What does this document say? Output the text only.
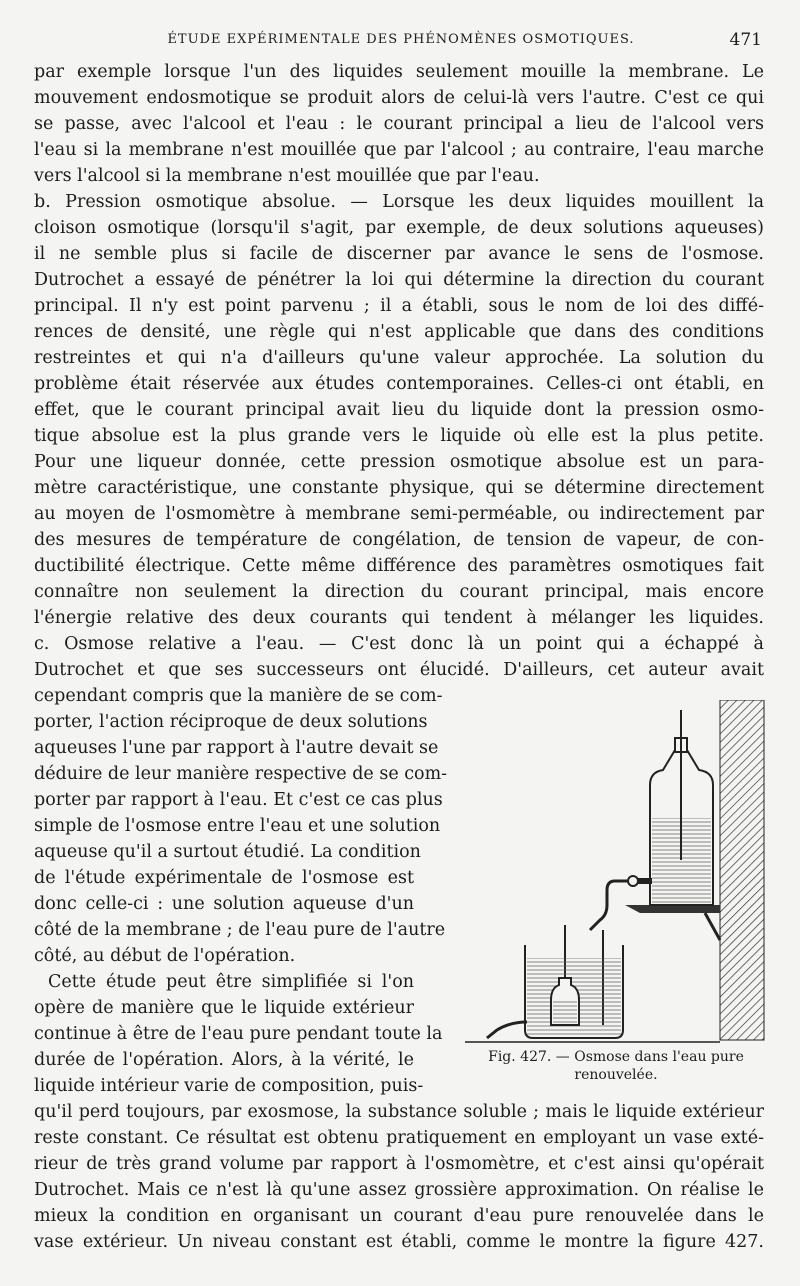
ÉTUDE EXPÉRIMENTALE DES PHÉNOMÈNES OSMOTIQUES.	471
par exemple lorsque l'un des liquides seulement mouille la membrane. Le
mouvement endosmotique se produit alors de celui-là vers l'autre. C'est ce qui
se passe, avec l'alcool et l'eau : le courant principal a lieu de l'alcool vers
l'eau si la membrane n'est mouillée que par l'alcool ; au contraire, l'eau marche
vers l'alcool si la membrane n'est mouillée que par l'eau.
b. Pression osmotique absolue. — Lorsque les deux liquides mouillent la
cloison osmotique (lorsqu'il s'agit, par exemple, de deux solutions aqueuses)
il ne semble plus si facile de discerner par avance le sens de l'osmose.
Dutrochet a essayé de pénétrer la loi qui détermine la direction du courant
principal. Il n'y est point parvenu ; il a établi, sous le nom de loi des diffé-
rences de densité, une règle qui n'est applicable que dans des conditions
restreintes et qui n'a d'ailleurs qu'une valeur approchée. La solution du
problème était réservée aux études contemporaines. Celles-ci ont établi, en
effet, que le courant principal avait lieu du liquide dont la pression osmo-
tique absolue est la plus grande vers le liquide où elle est la plus petite.
Pour une liqueur donnée, cette pression osmotique absolue est un para-
mètre caractéristique, une constante physique, qui se détermine directement
au moyen de l'osmomètre à membrane semi-perméable, ou indirectement par
des mesures de température de congélation, de tension de vapeur, de con-
ductibilité électrique. Cette même différence des paramètres osmotiques fait
connaître non seulement la direction du courant principal, mais encore
l'énergie relative des deux courants qui tendent à mélanger les liquides.
c. Osmose relative a l'eau. — C'est donc là un point qui a échappé à
Dutrochet et que ses successeurs ont élucidé. D'ailleurs, cet auteur avait
cependant compris que la manière de se com-
porter, l'action réciproque de deux solutions
aqueuses l'une par rapport à l'autre devait se
déduire de leur manière respective de se com-
porter par rapport à l'eau. Et c'est ce cas plus
simple de l'osmose entre l'eau et une solution
aqueuse qu'il a surtout étudié. La condition
de l'étude expérimentale de l'osmose est
donc celle-ci : une solution aqueuse d'un
côté de la membrane ; de l'eau pure de l'autre
côté, au début de l'opération.
Cette étude peut être simplifiée si l'on
opère de manière que le liquide extérieur
continue à être de l'eau pure pendant toute la
durée de l'opération. Alors, à la vérité, le
liquide intérieur varie de composition, puis-
qu'il perd toujours, par exosmose, la substance soluble ; mais le liquide extérieur
reste constant. Ce résultat est obtenu pratiquement en employant un vase exté-
rieur de très grand volume par rapport à l'osmomètre, et c'est ainsi qu'opérait
Dutrochet. Mais ce n'est là qu'une assez grossière approximation. On réalise le
mieux la condition en organisant un courant d'eau pure renouvelée dans le
vase extérieur. Un niveau constant est établi, comme le montre la figure 427.
Fig. 427. — Osmose dans l'eau pure
renouvelée.
